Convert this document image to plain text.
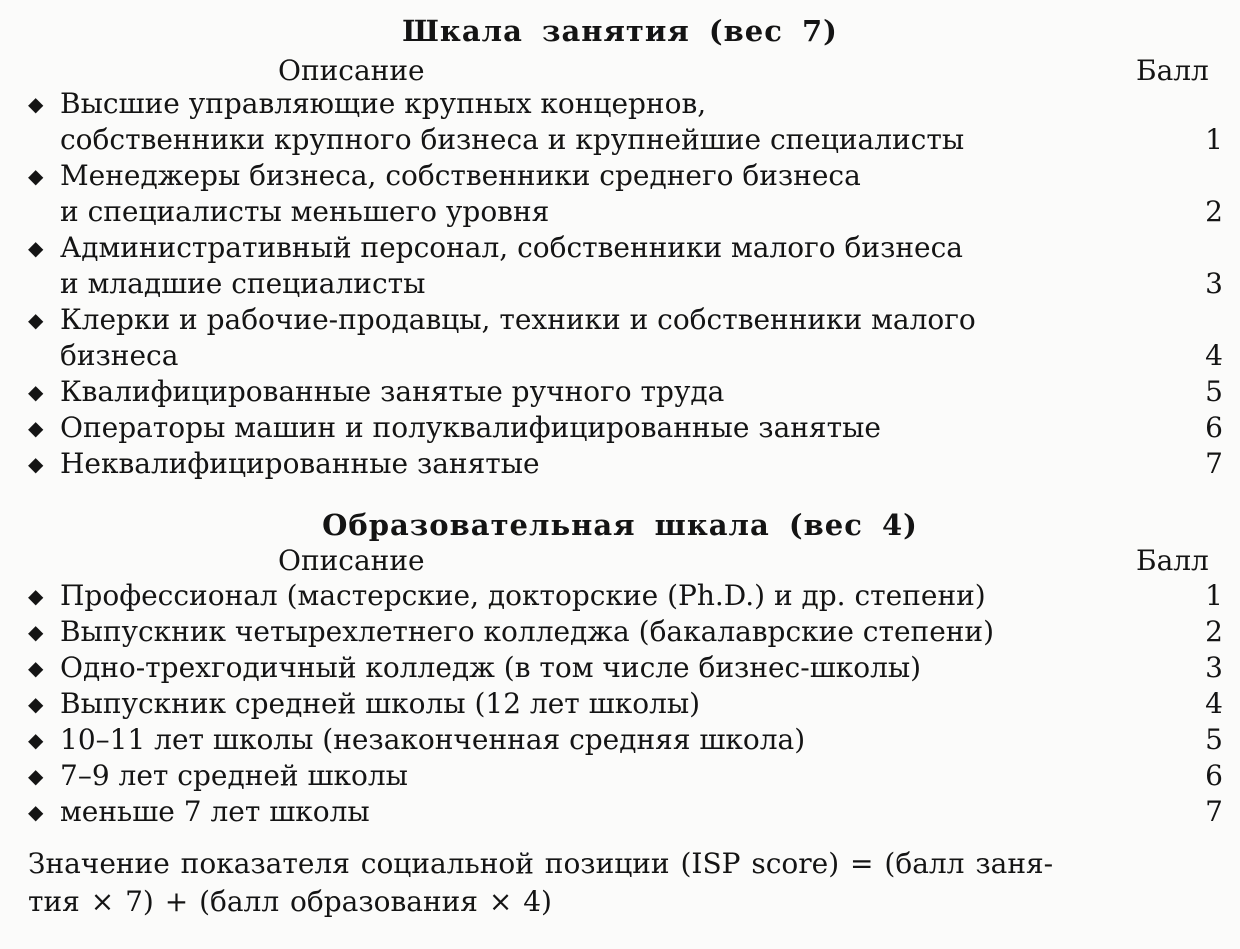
Шкала занятия (вес 7)
Описание	Балл
◆ Высшие управляющие крупных концернов,
собственники крупного бизнеса и крупнейшие специалисты	1
◆ Менеджеры бизнеса, собственники среднего бизнеса
и специалисты меньшего уровня	2
◆ Административный персонал, собственники малого бизнеса
и младшие специалисты	3
◆ Клерки и рабочие-продавцы, техники и собственники малого
бизнеса	4
◆ Квалифицированные занятые ручного труда	5
◆ Операторы машин и полуквалифицированные занятые	6
◆ Неквалифицированные занятые	7
Образовательная шкала (вес 4)
Описание	Балл
◆ Профессионал (мастерские, докторские (Ph.D.) и др. степени)	1
◆ Выпускник четырехлетнего колледжа (бакалаврские степени)	2
◆ Одно-трехгодичный колледж (в том числе бизнес-школы)	3
◆ Выпускник средней школы (12 лет школы)	4
◆ 10–11 лет школы (незаконченная средняя школа)	5
◆ 7–9 лет средней школы	6
◆ меньше 7 лет школы	7
Значение показателя социальной позиции (ISP score) = (балл заня-
тия × 7) + (балл образования × 4)
